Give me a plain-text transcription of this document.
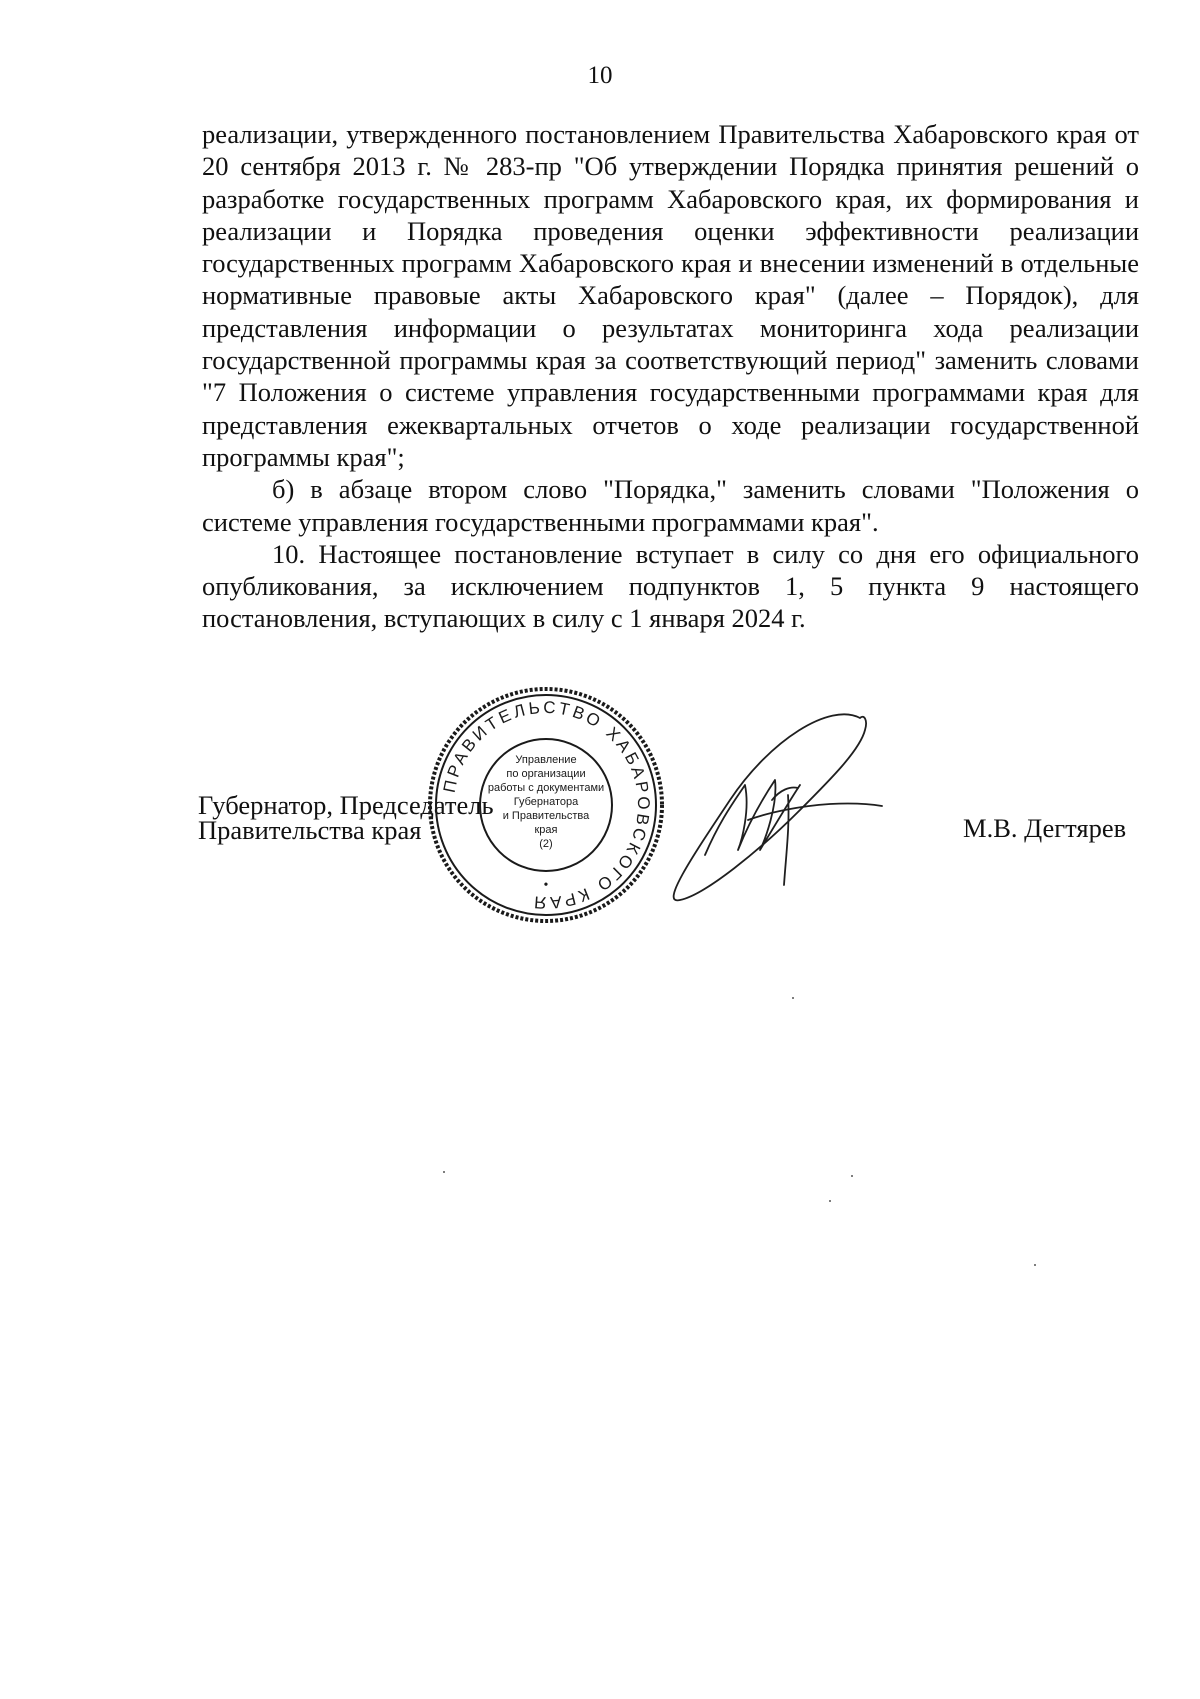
10

реализации, утвержденного постановлением Правительства Хабаровского края от 20 сентября 2013 г. № 283-пр "Об утверждении Порядка принятия решений о разработке государственных программ Хабаровского края, их формирования и реализации и Порядка проведения оценки эффективности реализации государственных программ Хабаровского края и внесении изменений в отдельные нормативные правовые акты Хабаровского края" (далее – Порядок), для представления информации о результатах мониторинга хода реализации государственной программы края за соответствующий период" заменить словами "7 Положения о системе управления государственными программами края для представления ежеквартальных отчетов о ходе реализации государственной программы края";

б) в абзаце втором слово "Порядка," заменить словами "Положения о системе управления государственными программами края".

10. Настоящее постановление вступает в силу со дня его официального опубликования, за исключением подпунктов 1, 5 пункта 9 настоящего постановления, вступающих в силу с 1 января 2024 г.

Губернатор, Председатель
Правительства края	М.В. Дегтярев
ПРАВИТЕЛЬСТВО ХАБАРОВСКОГО КРАЯ
•
Управление
по организации
работы с документами
Губернатора
и Правительства
края
(2)
